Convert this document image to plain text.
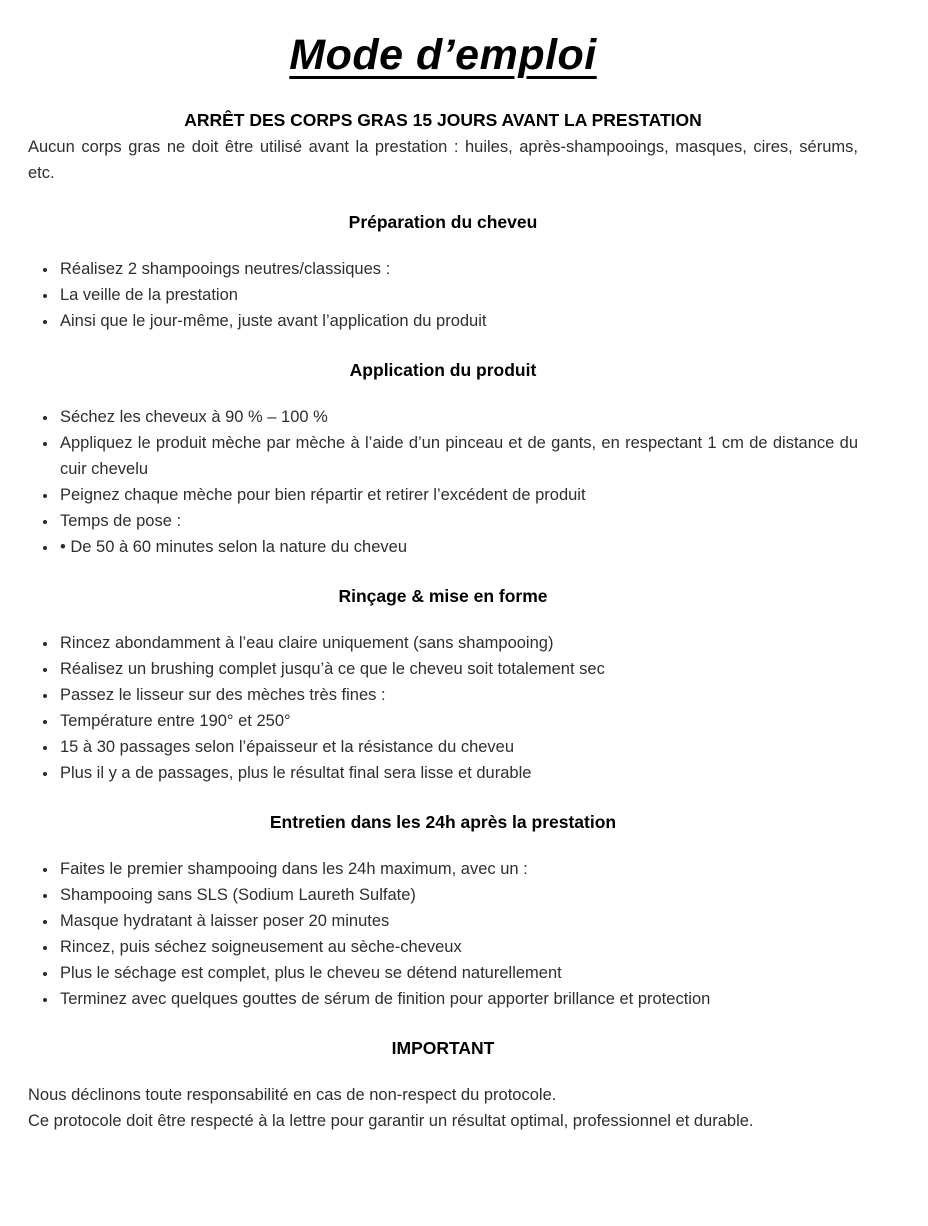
Mode d’emploi
ARRÊT DES CORPS GRAS 15 JOURS AVANT LA PRESTATION

Aucun corps gras ne doit être utilisé avant la prestation : huiles, après-shampooings, masques, cires, sérums, etc.

Préparation du cheveu
• Réalisez 2 shampooings neutres/classiques :
• La veille de la prestation
• Ainsi que le jour-même, juste avant l’application du produit
Application du produit
• Séchez les cheveux à 90 % – 100 %
• Appliquez le produit mèche par mèche à l’aide d’un pinceau et de gants, en respectant 1 cm de distance du cuir chevelu
• Peignez chaque mèche pour bien répartir et retirer l’excédent de produit
• Temps de pose :
• • De 50 à 60 minutes selon la nature du cheveu
Rinçage & mise en forme
• Rincez abondamment à l’eau claire uniquement (sans shampooing)
• Réalisez un brushing complet jusqu’à ce que le cheveu soit totalement sec
• Passez le lisseur sur des mèches très fines :
• Température entre 190° et 250°
• 15 à 30 passages selon l’épaisseur et la résistance du cheveu
• Plus il y a de passages, plus le résultat final sera lisse et durable
Entretien dans les 24h après la prestation
• Faites le premier shampooing dans les 24h maximum, avec un :
• Shampooing sans SLS (Sodium Laureth Sulfate)
• Masque hydratant à laisser poser 20 minutes
• Rincez, puis séchez soigneusement au sèche-cheveux
• Plus le séchage est complet, plus le cheveu se détend naturellement
• Terminez avec quelques gouttes de sérum de finition pour apporter brillance et protection
IMPORTANT

Nous déclinons toute responsabilité en cas de non-respect du protocole.

Ce protocole doit être respecté à la lettre pour garantir un résultat optimal, professionnel et durable.
